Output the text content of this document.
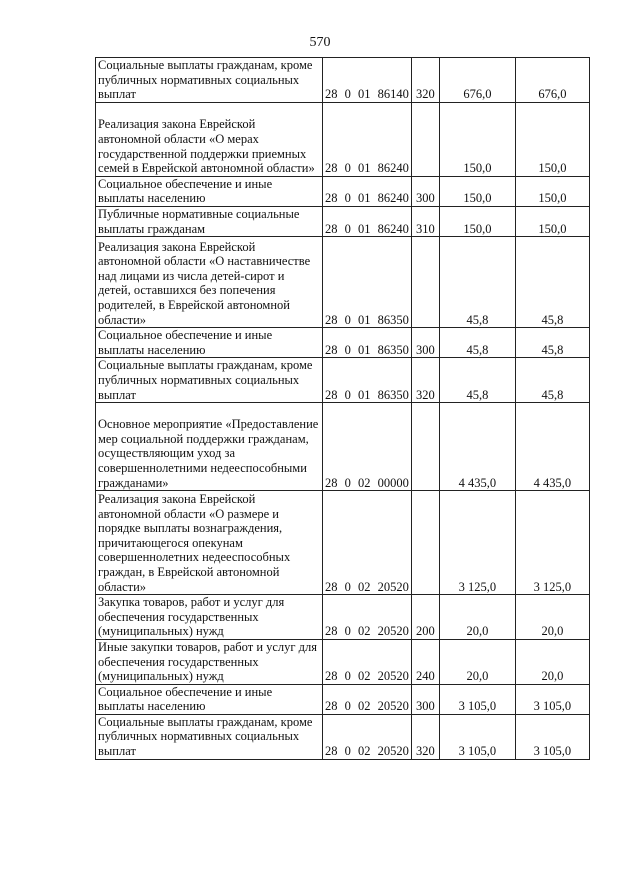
570
Социальные выплаты гражданам, кроме публичных нормативных социальных выплат	28 0 01 86140	320	676,0	676,0
Реализация закона Еврейской автономной области «О мерах государственной поддержки приемных семей в Еврейской автономной области»	28 0 01 86240		150,0	150,0
Социальное обеспечение и иные выплаты населению	28 0 01 86240	300	150,0	150,0
Публичные нормативные социальные выплаты гражданам	28 0 01 86240	310	150,0	150,0
Реализация закона Еврейской автономной области «О наставничестве над лицами из числа детей-сирот и детей, оставшихся без попечения родителей, в Еврейской автономной области»	28 0 01 86350		45,8	45,8
Социальное обеспечение и иные выплаты населению	28 0 01 86350	300	45,8	45,8
Социальные выплаты гражданам, кроме публичных нормативных социальных выплат	28 0 01 86350	320	45,8	45,8
Основное мероприятие «Предоставление мер социальной поддержки гражданам, осуществляющим уход за совершеннолетними недееспособными гражданами»	28 0 02 00000		4 435,0	4 435,0
Реализация закона Еврейской автономной области «О размере и порядке выплаты вознаграждения, причитающегося опекунам совершеннолетних недееспособных граждан, в Еврейской автономной области»	28 0 02 20520		3 125,0	3 125,0
Закупка товаров, работ и услуг для обеспечения государственных (муниципальных) нужд	28 0 02 20520	200	20,0	20,0
Иные закупки товаров, работ и услуг для обеспечения государственных (муниципальных) нужд	28 0 02 20520	240	20,0	20,0
Социальное обеспечение и иные выплаты населению	28 0 02 20520	300	3 105,0	3 105,0
Социальные выплаты гражданам, кроме публичных нормативных социальных выплат	28 0 02 20520	320	3 105,0	3 105,0
